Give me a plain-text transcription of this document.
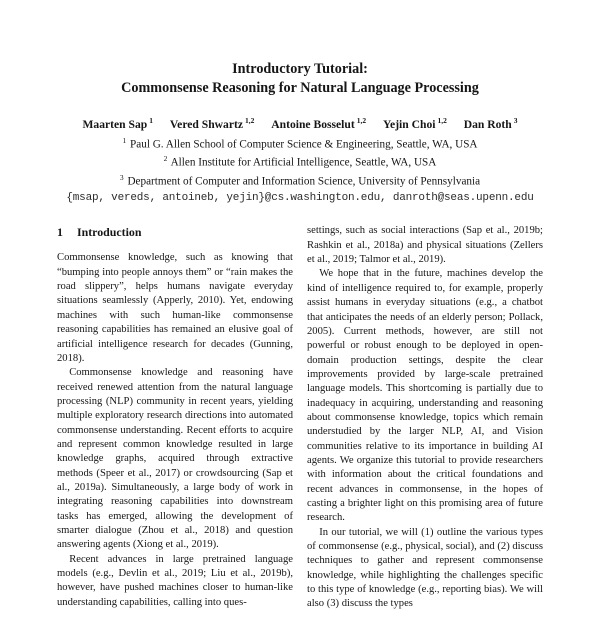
Introductory Tutorial:
Commonsense Reasoning for Natural Language Processing
Maarten Sap $^1$ Vered Shwartz $^{1,2}$ Antoine Bosselut $^{1,2}$ Yejin Choi $^{1,2}$ Dan Roth $^3$
$^1$ Paul G. Allen School of Computer Science & Engineering, Seattle, WA, USA
$^2$ Allen Institute for Artificial Intelligence, Seattle, WA, USA
$^3$ Department of Computer and Information Science, University of Pennsylvania
{msap, vereds, antoineb, yejin}@cs.washington.edu, danroth@seas.upenn.edu
1 Introduction

Commonsense knowledge, such as knowing that “bumping into people annoys them” or “rain makes the road slippery”, helps humans navigate everyday situations seamlessly (Apperly, 2010). Yet, endowing machines with such human-like commonsense reasoning capabilities has remained an elusive goal of artificial intelligence research for decades (Gunning, 2018).

Commonsense knowledge and reasoning have received renewed attention from the natural language processing (NLP) community in recent years, yielding multiple exploratory research directions into automated commonsense understanding. Recent efforts to acquire and represent common knowledge resulted in large knowledge graphs, acquired through extractive methods (Speer et al., 2017) or crowdsourcing (Sap et al., 2019a). Simultaneously, a large body of work in integrating reasoning capabilities into downstream tasks has emerged, allowing the development of smarter dialogue (Zhou et al., 2018) and question answering agents (Xiong et al., 2019).

Recent advances in large pretrained language models (e.g., Devlin et al., 2019; Liu et al., 2019b), however, have pushed machines closer to human-like understanding capabilities, calling into ques-

settings, such as social interactions (Sap et al., 2019b; Rashkin et al., 2018a) and physical situations (Zellers et al., 2019; Talmor et al., 2019).

We hope that in the future, machines develop the kind of intelligence required to, for example, properly assist humans in everyday situations (e.g., a chatbot that anticipates the needs of an elderly person; Pollack, 2005). Current methods, however, are still not powerful or robust enough to be deployed in open-domain production settings, despite the clear improvements provided by large-scale pretrained language models. This shortcoming is partially due to inadequacy in acquiring, understanding and reasoning about commonsense knowledge, topics which remain understudied by the larger NLP, AI, and Vision communities relative to its importance in building AI agents. We organize this tutorial to provide researchers with information about the critical foundations and recent advances in commonsense, in the hopes of casting a brighter light on this promising area of future research.

In our tutorial, we will (1) outline the various types of commonsense (e.g., physical, social), and (2) discuss techniques to gather and represent commonsense knowledge, while highlighting the challenges specific to this type of knowledge (e.g., reporting bias). We will also (3) discuss the types
